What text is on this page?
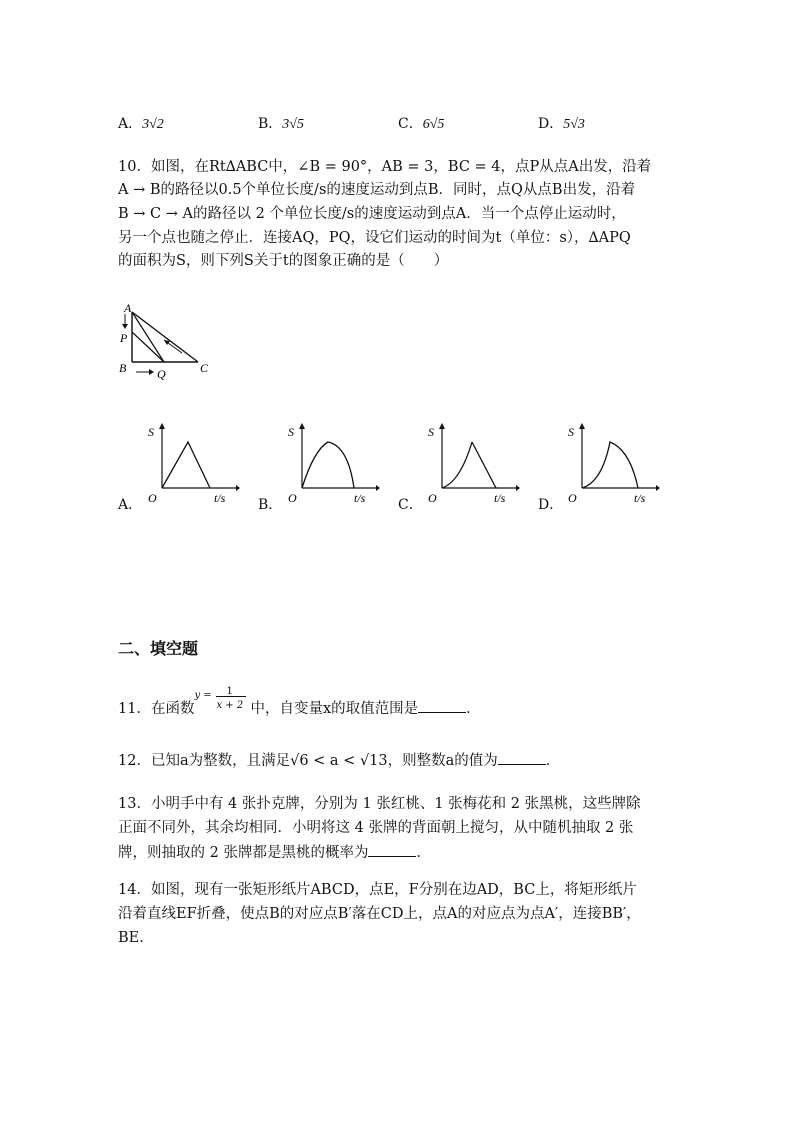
A．3√2	B．3√5	C．6√5	D．5√3
10．如图，在Rt∆ABC中，∠B = 90°，AB = 3，BC = 4，点P从点A出发，沿着
A → B的路径以0.5个单位长度/s的速度运动到点B．同时，点Q从点B出发，沿着
B → C → A的路径以 2 个单位长度/s的速度运动到点A．当一个点停止运动时，
另一个点也随之停止．连接AQ，PQ，设它们运动的时间为t（单位：s），∆APQ
的面积为S，则下列S关于t的图象正确的是（　　）
A
P
B	Q	C
A．
S
O	t/s B．
S
O	t/s C．
S
O	t/s D．
S
O	t/s
二、填空题
11．在函数
y = 1
x + 2 中，自变量x的取值范围是	．
12．已知a为整数，且满足√6 < a < √13，则整数a的值为	．
13．小明手中有 4 张扑克牌，分别为 1 张红桃、1 张梅花和 2 张黑桃，这些牌除
正面不同外，其余均相同．小明将这 4 张牌的背面朝上搅匀，从中随机抽取 2 张
牌，则抽取的 2 张牌都是黑桃的概率为	．
14．如图，现有一张矩形纸片ABCD，点E，F分别在边AD，BC上，将矩形纸片
沿着直线EF折叠，使点B的对应点B′落在CD上，点A的对应点为点A′，连接BB′，
BE．
